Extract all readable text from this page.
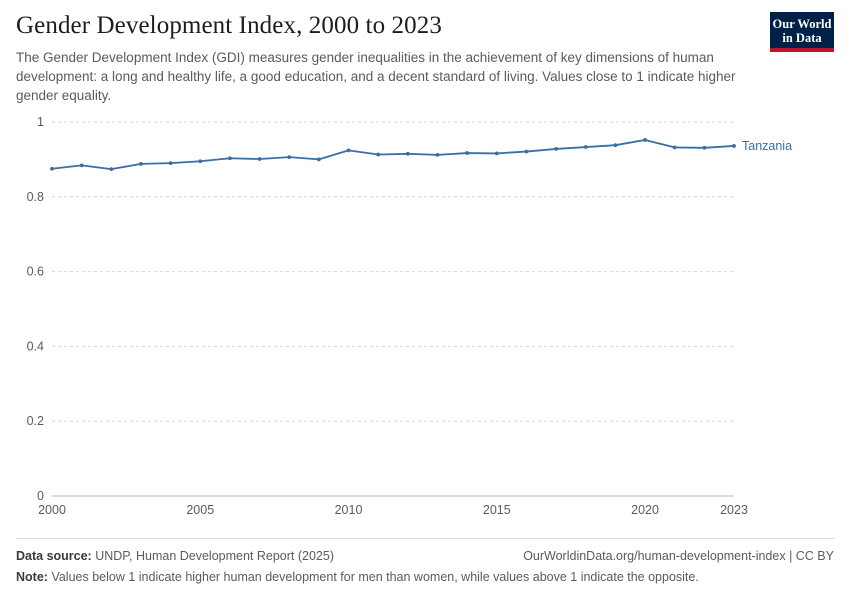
Gender Development Index, 2000 to 2023

The Gender Development Index (GDI) measures gender inequalities in the achievement of key dimensions of human development: a long and healthy life, a good education, and a decent standard of living. Values close to 1 indicate higher gender equality.

Our World
in Data
0
0.2
0.4
0.6
0.8
1
2000	2005	2010	2015	2020	2023
Tanzania
Data source: UNDP, Human Development Report (2025)	OurWorldinData.org/human-development-index | CC BY
Note: Values below 1 indicate higher human development for men than women, while values above 1 indicate the opposite.
